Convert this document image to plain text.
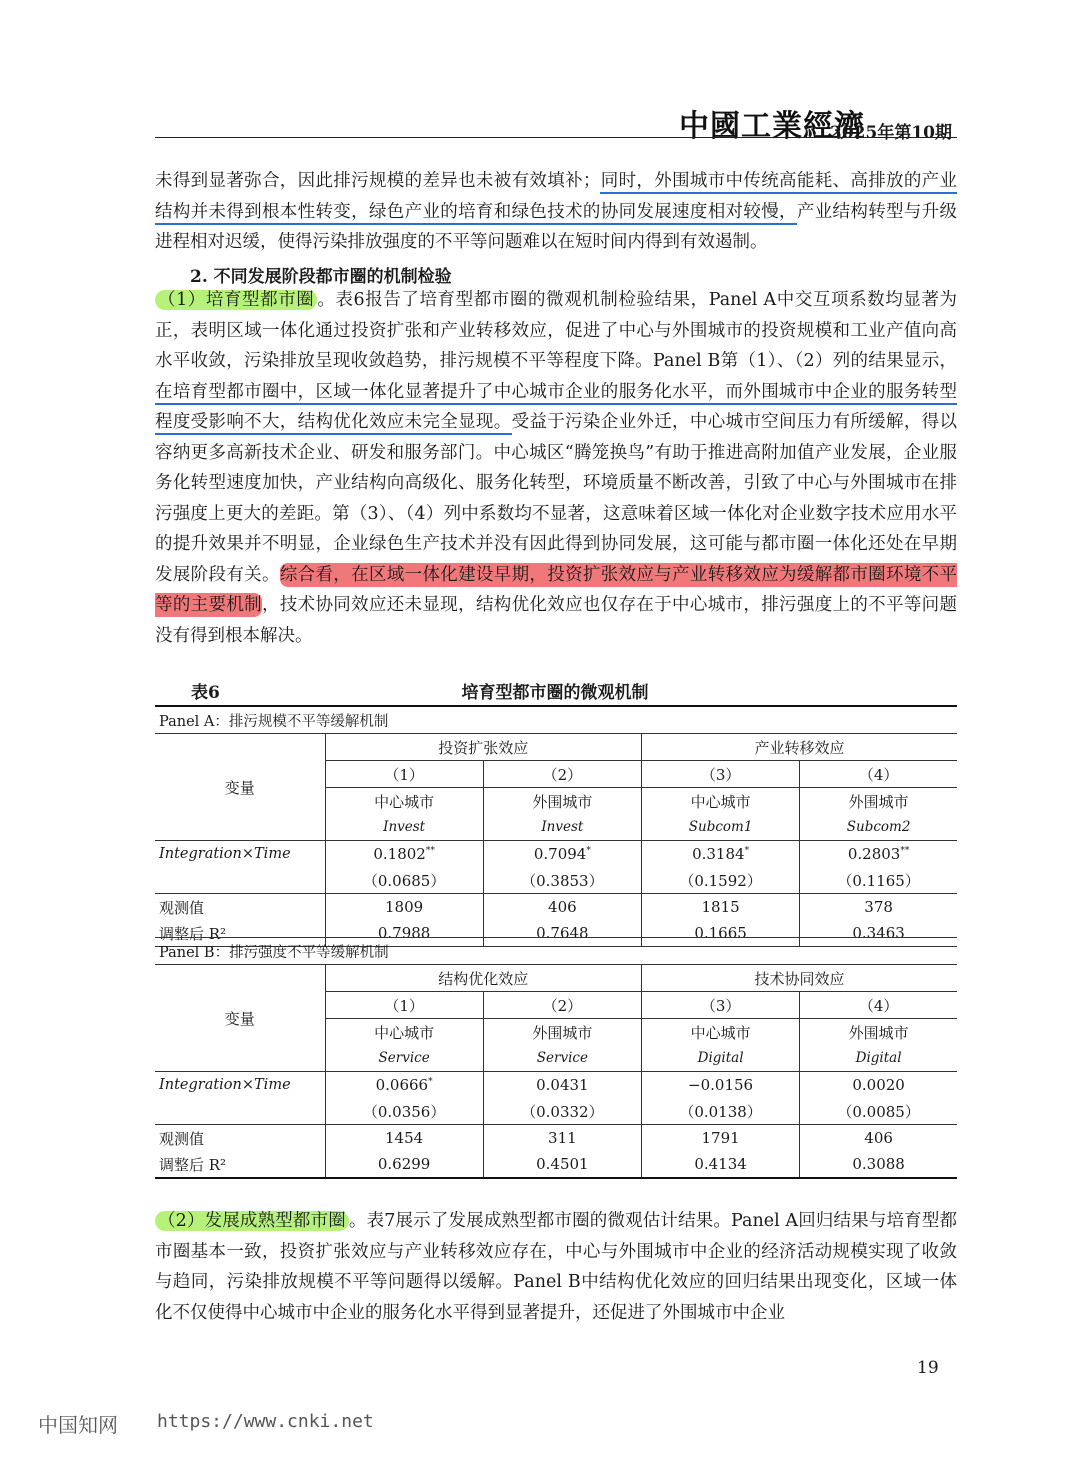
中國工業經濟
2025年第10期

未得到显著弥合，因此排污规模的差异也未被有效填补；同时，外围城市中传统高能耗、高排放的产业结构并未得到根本性转变，绿色产业的培育和绿色技术的协同发展速度相对较慢，产业结构转型与升级进程相对迟缓，使得污染排放强度的不平等问题难以在短时间内得到有效遏制。

2. 不同发展阶段都市圈的机制检验

（1）培育型都市圈 。表6报告了培育型都市圈的微观机制检验结果，Panel A中交互项系数均显著为正，表明区域一体化通过投资扩张和产业转移效应，促进了中心与外围城市的投资规模和工业产值向高水平收敛，污染排放呈现收敛趋势，排污规模不平等程度下降。Panel B第（1）、（2）列的结果显示，在培育型都市圈中，区域一体化显著提升了中心城市企业的服务化水平，而外围城市中企业的服务转型程度受影响不大，结构优化效应未完全显现。受益于污染企业外迁，中心城市空间压力有所缓解，得以容纳更多高新技术企业、研发和服务部门。中心城区“腾笼换鸟”有助于推进高附加值产业发展，企业服务化转型速度加快，产业结构向高级化、服务化转型，环境质量不断改善，引致了中心与外围城市在排污强度上更大的差距。第（3）、（4）列中系数均不显著，这意味着区域一体化对企业数字技术应用水平的提升效果并不明显，企业绿色生产技术并没有因此得到协同发展，这可能与都市圈一体化还处在早期发展阶段有关。综合看，在区域一体化建设早期，投资扩张效应与产业转移效应为缓解都市圈环境不平等的主要机制，技术协同效应还未显现，结构优化效应也仅存在于中心城市，排污强度上的不平等问题没有得到根本解决。

表6	培育型都市圈的微观机制
Panel A：排污规模不平等缓解机制				
变量	投资扩张效应		产业转移效应	
	（1）	（2）	（3）	（4）
	中心城市	外围城市	中心城市	外围城市
	Invest	Invest	Subcom1	Subcom2
Integration×Time	0.1802**	0.7094*	0.3184*	0.2803**
	（0.0685）	（0.3853）	（0.1592）	（0.1165）
观测值	1809	406	1815	378
调整后 R²	0.7988	0.7648	0.1665	0.3463
Panel B：排污强度不平等缓解机制				
变量	结构优化效应		技术协同效应	
	（1）	（2）	（3）	（4）
	中心城市	外围城市	中心城市	外围城市
	Service	Service	Digital	Digital
Integration×Time	0.0666*	0.0431	−0.0156	0.0020
	（0.0356）	（0.0332）	（0.0138）	（0.0085）
观测值	1454	311	1791	406
调整后 R²	0.6299	0.4501	0.4134	0.3088

（2）发展成熟型都市圈 。表7展示了发展成熟型都市圈的微观估计结果。Panel A回归结果与培育型都市圈基本一致，投资扩张效应与产业转移效应存在，中心与外围城市中企业的经济活动规模实现了收敛与趋同，污染排放规模不平等问题得以缓解。Panel B中结构优化效应的回归结果出现变化，区域一体化不仅使得中心城市中企业的服务化水平得到显著提升，还促进了外围城市中企业

19
中国知网 https://www.cnki.net
